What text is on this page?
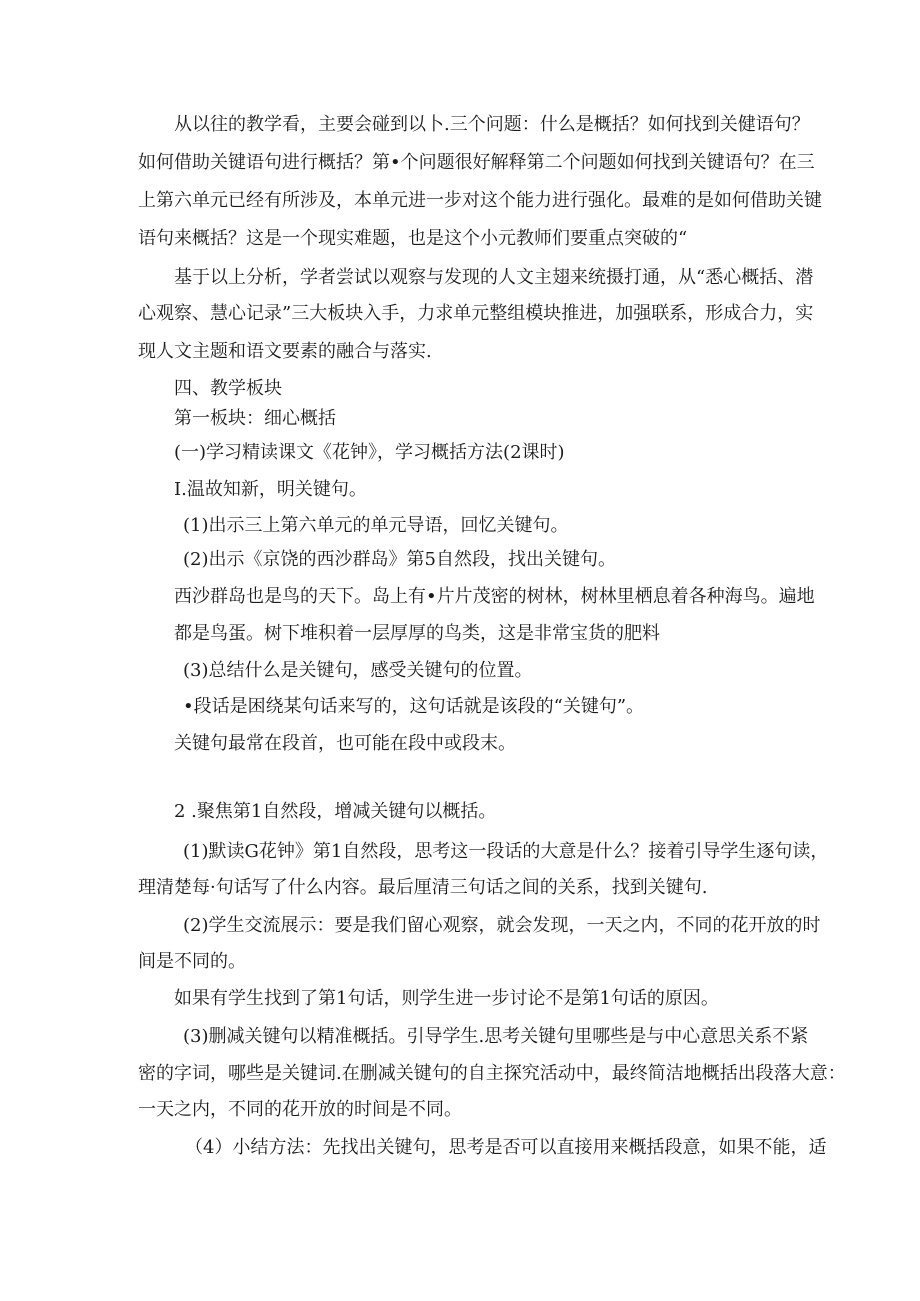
从以往的教学看，主要会碰到以卜.三个问题：什么是概括？如何找到关健语句？
如何借助关键语句进行概括？第•个问题很好解释第二个问题如何找到关键语句？在三
上第六单元已经有所涉及，本单元进一步对这个能力进行强化。最难的是如何借助关键
语句来概括？这是一个现实难题，也是这个小元教师们要重点突破的“
基于以上分析，学者尝试以观察与发现的人文主翅来统摄打通，从“悉心概括、潜
心观察、慧心记录”三大板块入手，力求单元整组模块推进，加强联系，形成合力，实
现人文主题和语文要素的融合与落实.
四、教学板块
第一板块：细心概括
(一)学习精读课文《花钟》，学习概括方法(2课时)
I.温故知新，明关键句。
(1)出示三上第六单元的单元导语，回忆关键句。
(2)出示《京饶的西沙群岛》第5自然段，找出关键句。
西沙群岛也是鸟的天下。岛上有•片片茂密的树林，树林里栖息着各种海鸟。遍地
都是鸟蛋。树下堆积着一层厚厚的鸟类，这是非常宝货的肥料
(3)总结什么是关键句，感受关键句的位置。
•段话是困绕某句话来写的，这句话就是该段的“关键句”。
关键句最常在段首，也可能在段中或段末。
2 .聚焦第1自然段，增减关键句以概括。
(1)默读G花钟》第1自然段，思考这一段话的大意是什么？接着引导学生逐句读，
理清楚每·句话写了什么内容。最后厘清三句话之间的关系，找到关键句.
(2)学生交流展示：要是我们留心观察，就会发现，一天之内，不同的花开放的时
间是不同的。
如果有学生找到了第1句话，则学生进一步讨论不是第1句话的原因。
(3)删减关键句以精准概括。引导学生.思考关键句里哪些是与中心意思关系不紧
密的字词，哪些是关键词.在删减关键句的自主探究活动中，最终简洁地概括出段落大意：
一天之内，不同的花开放的时间是不同。
（4）小结方法：先找出关键句，思考是否可以直接用来概括段意，如果不能，适
